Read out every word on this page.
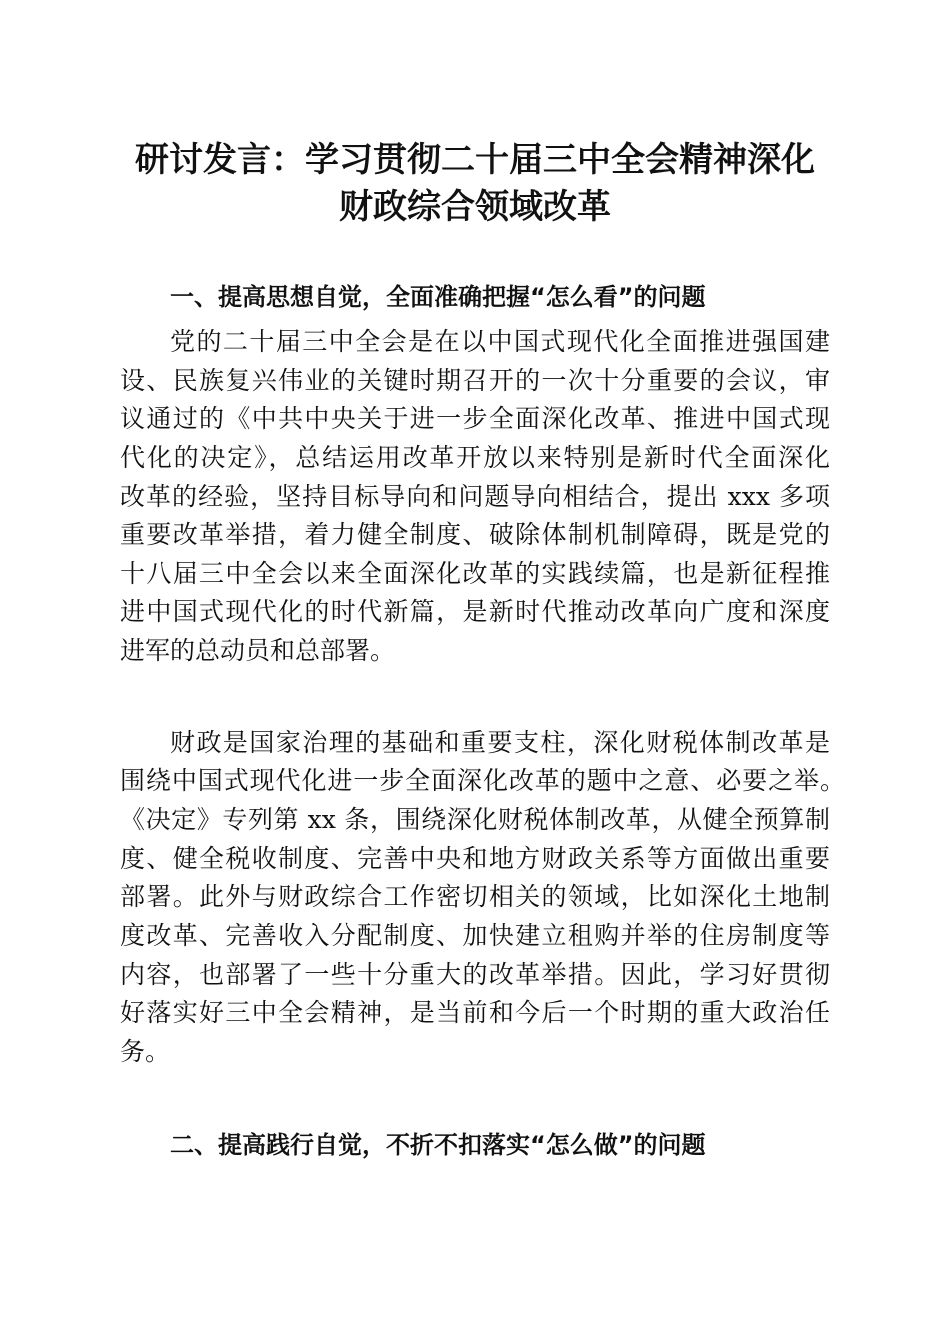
研讨发言：学习贯彻二十届三中全会精神深化
财政综合领域改革
一、提高思想自觉，全面准确把握“怎么看”的问题
党的二十届三中全会是在以中国式现代化全面推进强国建
设、民族复兴伟业的关键时期召开的一次十分重要的会议，审
议通过的《中共中央关于进一步全面深化改革、推进中国式现
代化的决定》，总结运用改革开放以来特别是新时代全面深化
改革的经验，坚持目标导向和问题导向相结合，提出 xxx 多项
重要改革举措，着力健全制度、破除体制机制障碍，既是党的
十八届三中全会以来全面深化改革的实践续篇，也是新征程推
进中国式现代化的时代新篇，是新时代推动改革向广度和深度
进军的总动员和总部署。
财政是国家治理的基础和重要支柱，深化财税体制改革是
围绕中国式现代化进一步全面深化改革的题中之意、必要之举。
《决定》专列第 xx 条，围绕深化财税体制改革，从健全预算制
度、健全税收制度、完善中央和地方财政关系等方面做出重要
部署。此外与财政综合工作密切相关的领域，比如深化土地制
度改革、完善收入分配制度、加快建立租购并举的住房制度等
内容，也部署了一些十分重大的改革举措。因此，学习好贯彻
好落实好三中全会精神，是当前和今后一个时期的重大政治任
务。
二、提高践行自觉，不折不扣落实“怎么做”的问题
